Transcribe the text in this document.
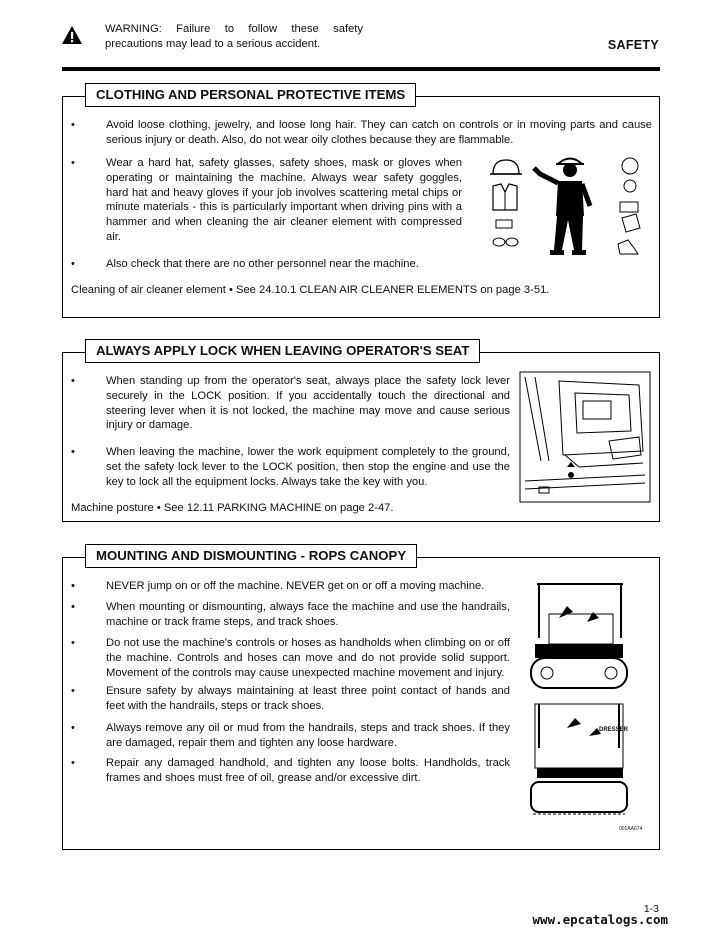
WARNING: Failure to follow these safety precautions may lead to a serious accident.	SAFETY
CLOTHING AND PERSONAL PROTECTIVE ITEMS
•	Avoid loose clothing, jewelry, and loose long hair. They can catch on controls or in moving parts and cause serious injury or death. Also, do not wear oily clothes because they are flammable.
•	Wear a hard hat, safety glasses, safety shoes, mask or gloves when operating or maintaining the machine. Always wear safety goggles, hard hat and heavy gloves if your job involves scattering metal chips or minute materials - this is particularly important when driving pins with a hammer and when cleaning the air cleaner element with compressed air.
•	Also check that there are no other personnel near the machine.
Cleaning of air cleaner element • See 24.10.1 CLEAN AIR CLEANER ELEMENTS on page 3-51.
ALWAYS APPLY LOCK WHEN LEAVING OPERATOR'S SEAT
•	When standing up from the operator's seat, always place the safety lock lever securely in the LOCK position. If you accidentally touch the directional and steering lever when it is not locked, the machine may move and cause serious injury or damage.
•	When leaving the machine, lower the work equipment completely to the ground, set the safety lock lever to the LOCK position, then stop the engine and use the key to lock all the equipment locks. Always take the key with you.
Machine posture • See 12.11 PARKING MACHINE on page 2-47.
MOUNTING AND DISMOUNTING - ROPS CANOPY
•	NEVER jump on or off the machine. NEVER get on or off a moving machine.
•	When mounting or dismounting, always face the machine and use the handrails, machine or track frame steps, and track shoes.
•	Do not use the machine's controls or hoses as handholds when climbing on or off the machine. Controls and hoses can move and do not provide solid support. Movement of the controls may cause unexpected machine movement and injury.
•	Ensure safety by always maintaining at least three point contact of hands and feet with the handrails, steps or track shoes.
•	Always remove any oil or mud from the handrails, steps and track shoes. If they are damaged, repair them and tighten any loose hardware.
•	Repair any damaged handhold, and tighten any loose bolts. Handholds, track frames and shoes must free of oil, grease and/or excessive dirt.
DRESSER
001AA674
1-3
www.epcatalogs.com
